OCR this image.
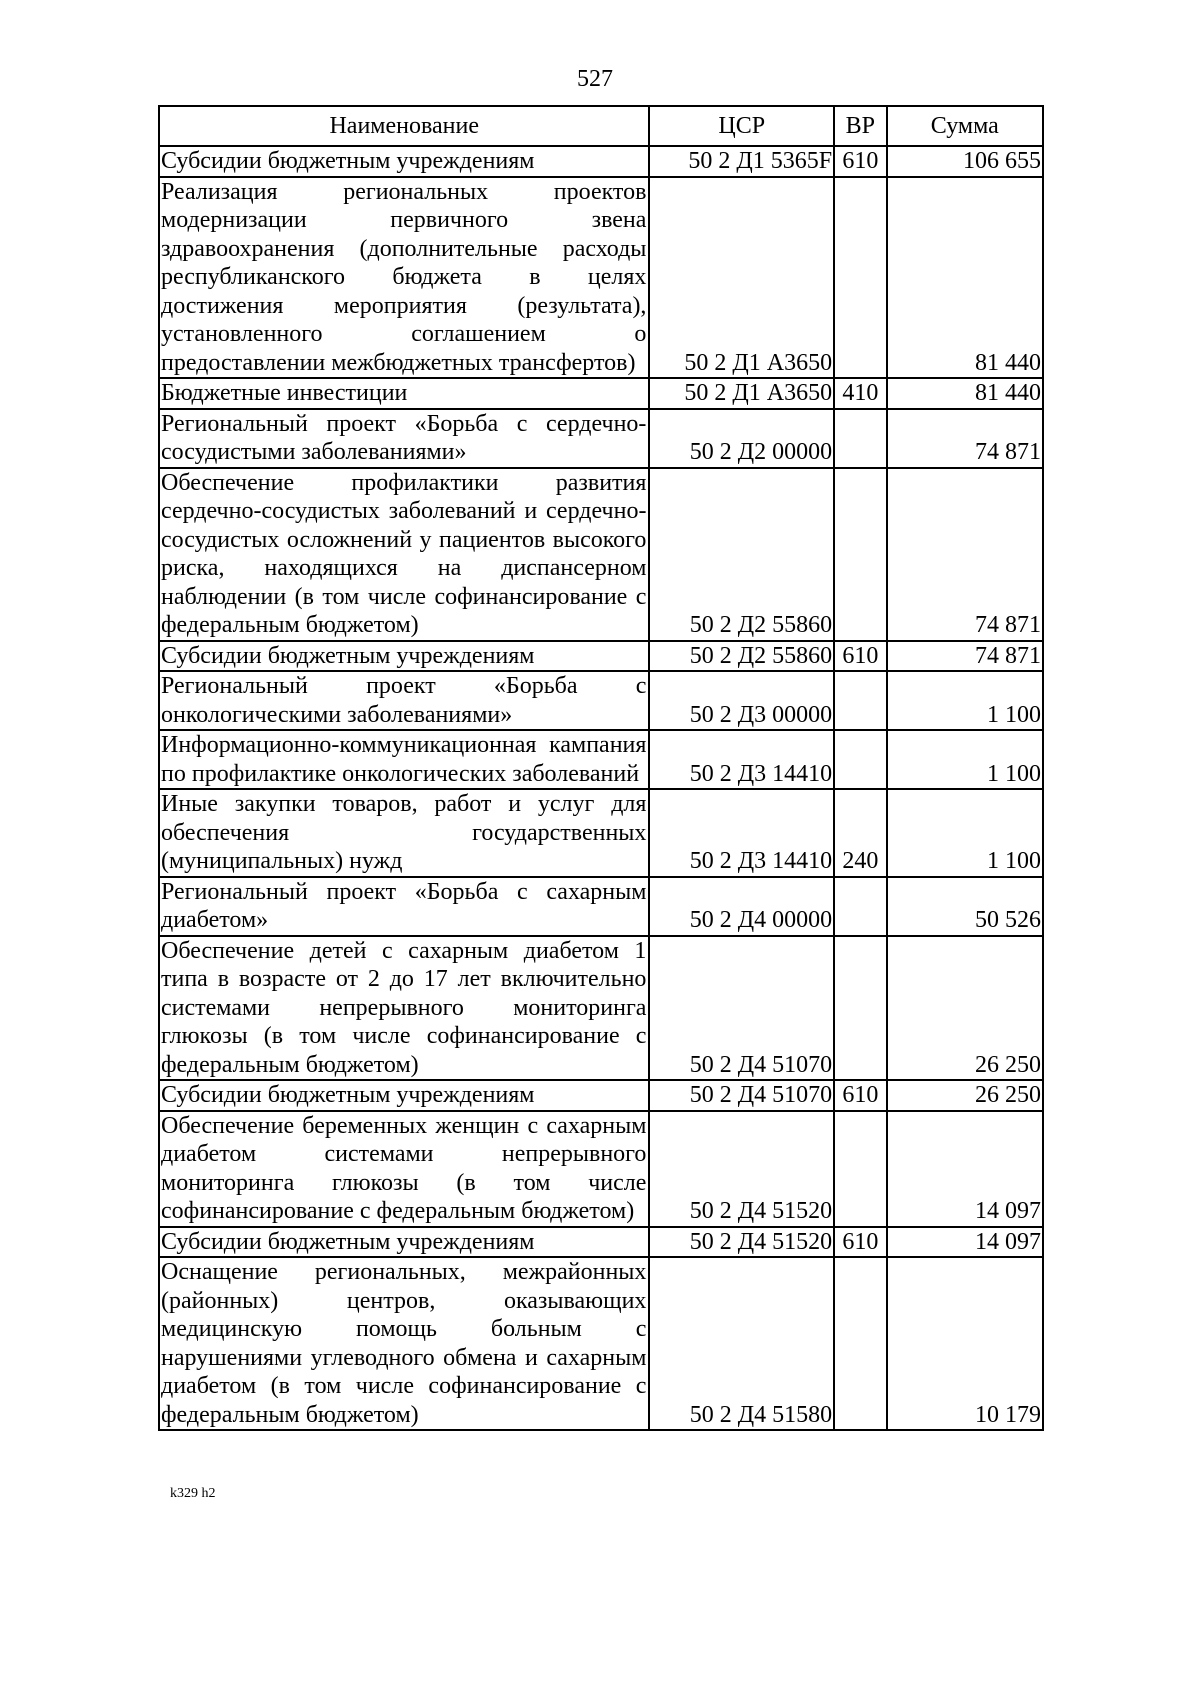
527
Наименование	ЦСР	ВР	Сумма
Субсидии бюджетным учреждениям	50 2 Д1 5365F	610	106 655
Реализация региональных проектов модернизации первичного звена здравоохранения (дополнительные расходы республиканского бюджета в целях достижения мероприятия (результата), установленного соглашением о предоставлении межбюджетных трансфертов)	50 2 Д1 А3650		81 440
Бюджетные инвестиции	50 2 Д1 А3650	410	81 440
Региональный проект «Борьба с сердечно-сосудистыми заболеваниями»	50 2 Д2 00000		74 871
Обеспечение профилактики развития сердечно-сосудистых заболеваний и сердечно-сосудистых осложнений у пациентов высокого риска, находящихся на диспансерном наблюдении (в том числе софинансирование с федеральным бюджетом)	50 2 Д2 55860		74 871
Субсидии бюджетным учреждениям	50 2 Д2 55860	610	74 871
Региональный проект «Борьба с онкологическими заболеваниями»	50 2 Д3 00000		1 100
Информационно-коммуникационная кампания по профилактике онкологических заболеваний	50 2 Д3 14410		1 100
Иные закупки товаров, работ и услуг для обеспечения государственных (муниципальных) нужд	50 2 Д3 14410	240	1 100
Региональный проект «Борьба с сахарным диабетом»	50 2 Д4 00000		50 526
Обеспечение детей с сахарным диабетом 1 типа в возрасте от 2 до 17 лет включительно системами непрерывного мониторинга глюкозы (в том числе софинансирование с федеральным бюджетом)	50 2 Д4 51070		26 250
Субсидии бюджетным учреждениям	50 2 Д4 51070	610	26 250
Обеспечение беременных женщин с сахарным диабетом системами непрерывного мониторинга глюкозы (в том числе софинансирование с федеральным бюджетом)	50 2 Д4 51520		14 097
Субсидии бюджетным учреждениям	50 2 Д4 51520	610	14 097
Оснащение региональных, межрайонных (районных) центров, оказывающих медицинскую помощь больным с нарушениями углеводного обмена и сахарным диабетом (в том числе софинансирование с федеральным бюджетом)	50 2 Д4 51580		10 179
k329 h2
